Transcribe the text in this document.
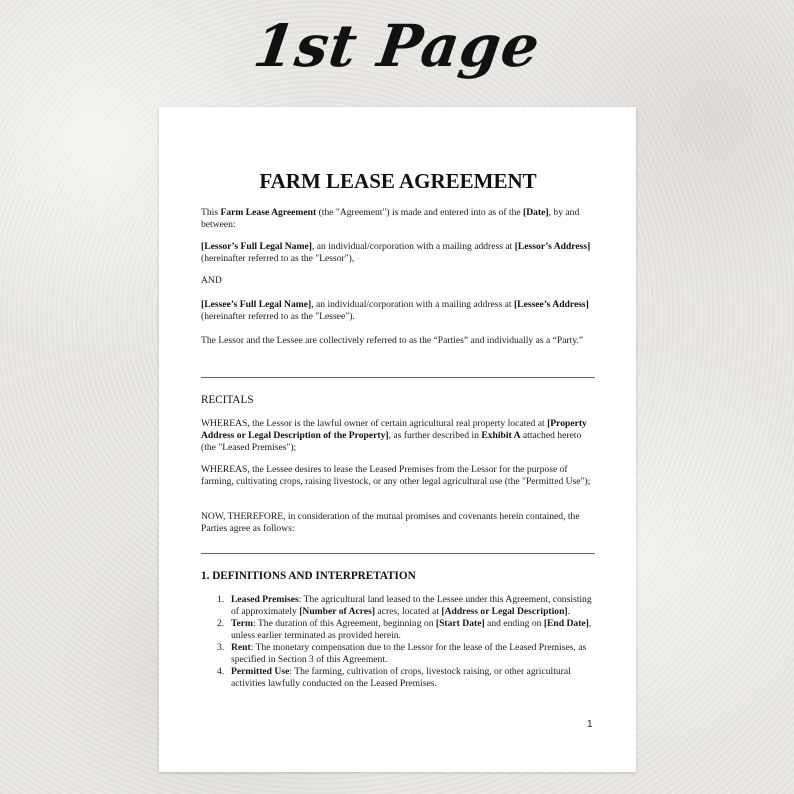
1st Page
FARM LEASE AGREEMENT

This Farm Lease Agreement (the "Agreement") is made and entered into as of the [Date], by and between:

[Lessor’s Full Legal Name], an individual/corporation with a mailing address at [Lessor’s Address] (hereinafter referred to as the "Lessor"),

AND

[Lessee’s Full Legal Name], an individual/corporation with a mailing address at [Lessee’s Address] (hereinafter referred to as the "Lessee").

The Lessor and the Lessee are collectively referred to as the “Parties” and individually as a “Party.”

RECITALS

WHEREAS, the Lessor is the lawful owner of certain agricultural real property located at [Property Address or Legal Description of the Property], as further described in Exhibit A attached hereto (the "Leased Premises");

WHEREAS, the Lessee desires to lease the Leased Premises from the Lessor for the purpose of farming, cultivating crops, raising livestock, or any other legal agricultural use (the "Permitted Use");

NOW, THEREFORE, in consideration of the mutual promises and covenants herein contained, the Parties agree as follows:

1. DEFINITIONS AND INTERPRETATION
1. Leased Premises: The agricultural land leased to the Lessee under this Agreement, consisting of approximately [Number of Acres] acres, located at [Address or Legal Description].
2. Term: The duration of this Agreement, beginning on [Start Date] and ending on [End Date], unless earlier terminated as provided herein.
3. Rent: The monetary compensation due to the Lessor for the lease of the Leased Premises, as specified in Section 3 of this Agreement.
4. Permitted Use: The farming, cultivation of crops, livestock raising, or other agricultural activities lawfully conducted on the Leased Premises.
1
